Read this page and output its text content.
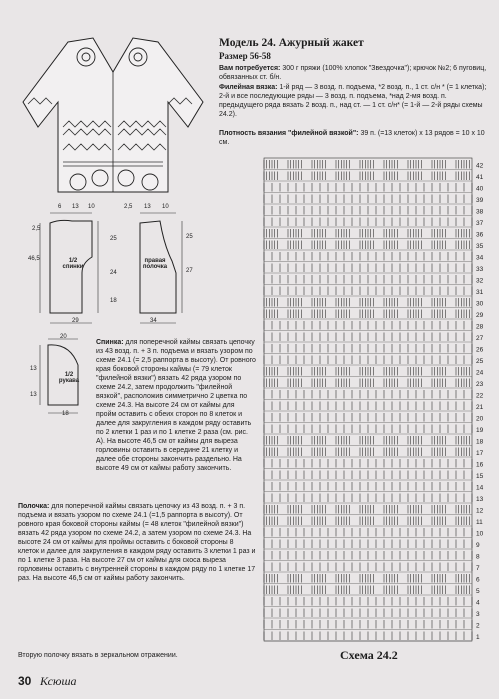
Модель 24. Ажурный жакет
Размер 56-58
Вам потребуется: 300 г пряжи (100% хлопок "Звездочка"); крючок №2; 6 пуговиц, обвязанных ст. б/н.
Филейная вязка: 1-й ряд — 3 возд. п. подъема, *2 возд. п., 1 ст. с/н * (= 1 клетка); 2-й и все последующие ряды — 3 возд. п. подъема, *над 2-мя возд. п. предыдущего ряда вязать 2 возд. п., над ст. — 1 ст. с/н* (= 1-й — 2-й ряды схемы 24.2).
Плотность вязания "филейной вязкой": 39 п. (=13 клеток) х 13 рядов = 10 х 10 см.
6 13 10
2,5
46,5
25
24
18
29
1/2
спинки
2,5 13 10
25
27
34
правая
полочка
20
13
13
18
1/2
рукава
Спинка: для поперечной каймы связать цепочку из 43 возд. п. + 3 п. подъема и вязать узором по схеме 24.1 (= 2,5 раппорта в высоту). От ровного края боковой стороны каймы (= 79 клеток "филейной вязки") вязать 42 ряда узором по схеме 24.2, затем продолжить "филейной вязкой", расположив симметрично 2 цветка по схеме 24.3. На высоте 24 см от каймы для пройм оставить с обеих сторон по 8 клеток и далее для закругления в каждом ряду оставить по 2 клетки 1 раз и по 1 клетке 2 раза (см. рис. А). На высоте 46,5 см от каймы для выреза горловины оставить в середине 21 клетку и далее обе стороны закончить раздельно. На высоте 49 см от каймы работу закончить.
Полочка: для поперечной каймы связать цепочку из 43 возд. п. + 3 п. подъема и вязать узором по схеме 24.1 (=1,5 раппорта в высоту). От ровного края боковой стороны каймы (= 48 клеток "филейной вязки") вязать 42 ряда узором по схеме 24.2, а затем узором по схеме 24.3. На высоте 24 см от каймы для проймы оставить с боковой стороны 8 клеток и далее для закругления в каждом ряду оставить 3 клетки 1 раз и по 1 клетке 3 раза. На высоте 27 см от каймы для скоса выреза горловины оставить с внутренней стороны в каждом ряду по 1 клетке 17 раз. На высоте 46,5 см от каймы работу закончить.
Вторую полочку вязать в зеркальном отражении.
42
41
40
39
38
37
36
35
34
33
32
31
30
29
28
27
26
25
24
23
22
21
20
19
18
17
16
15
14
13
12
11
10
9
8
7
6
5
4
3
2
1
Схема 24.2
30 Ксюша
